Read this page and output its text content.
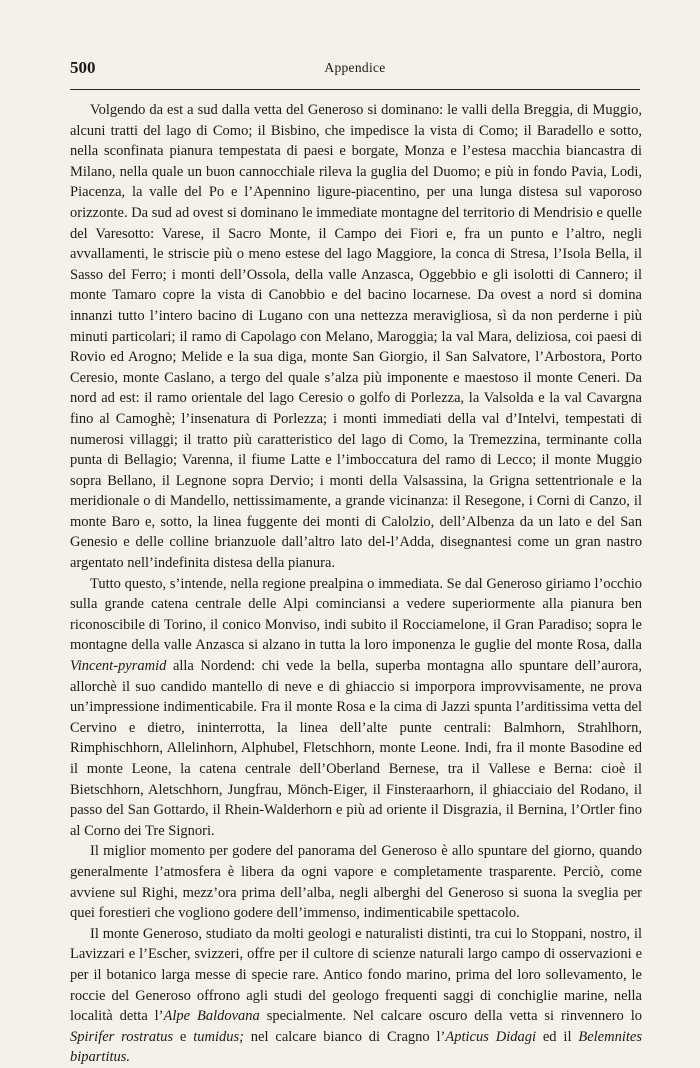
500	Appendice

Volgendo da est a sud dalla vetta del Generoso si dominano: le valli della Breggia, di Muggio, alcuni tratti del lago di Como; il Bisbino, che impedisce la vista di Como; il Baradello e sotto, nella sconfinata pianura tempestata di paesi e borgate, Monza e l’estesa macchia biancastra di Milano, nella quale un buon cannocchiale rileva la guglia del Duomo; e più in fondo Pavia, Lodi, Piacenza, la valle del Po e l’Apennino ligure-piacentino, per una lunga distesa sul vaporoso orizzonte. Da sud ad ovest si dominano le immediate montagne del territorio di Mendrisio e quelle del Varesotto: Varese, il Sacro Monte, il Campo dei Fiori e, fra un punto e l’altro, negli avvallamenti, le striscie più o meno estese del lago Maggiore, la conca di Stresa, l’Isola Bella, il Sasso del Ferro; i monti dell’Ossola, della valle Anzasca, Oggebbio e gli isolotti di Cannero; il monte Tamaro copre la vista di Canobbio e del bacino locarnese. Da ovest a nord si domina innanzi tutto l’intero bacino di Lugano con una nettezza meravigliosa, sì da non perderne i più minuti particolari; il ramo di Capolago con Melano, Maroggia; la val Mara, deliziosa, coi paesi di Rovio ed Arogno; Melide e la sua diga, monte San Giorgio, il San Salvatore, l’Arbostora, Porto Ceresio, monte Caslano, a tergo del quale s’alza più imponente e maestoso il monte Ceneri. Da nord ad est: il ramo orientale del lago Ceresio o golfo di Porlezza, la Valsolda e la val Cavargna fino al Camoghè; l’insenatura di Porlezza; i monti immediati della val d’Intelvi, tempestati di numerosi villaggi; il tratto più caratteristico del lago di Como, la Tremezzina, terminante colla punta di Bellagio; Varenna, il fiume Latte e l’imboccatura del ramo di Lecco; il monte Muggio sopra Bellano, il Legnone sopra Dervio; i monti della Valsassina, la Grigna settentrionale e la meridionale o di Mandello, nettissimamente, a grande vicinanza: il Resegone, i Corni di Canzo, il monte Baro e, sotto, la linea fuggente dei monti di Calolzio, dell’Albenza da un lato e del San Genesio e delle colline brianzuole dall’altro lato del-l’Adda, disegnantesi come un gran nastro argentato nell’indefinita distesa della pianura.

Tutto questo, s’intende, nella regione prealpina o immediata. Se dal Generoso giriamo l’occhio sulla grande catena centrale delle Alpi cominciansi a vedere superiormente alla pianura ben riconoscibile di Torino, il conico Monviso, indi subito il Rocciamelone, il Gran Paradiso; sopra le montagne della valle Anzasca si alzano in tutta la loro imponenza le guglie del monte Rosa, dalla Vincent-pyramid alla Nordend: chi vede la bella, superba montagna allo spuntare dell’aurora, allorchè il suo candido mantello di neve e di ghiaccio si imporpora improvvisamente, ne prova un’impressione indimenticabile. Fra il monte Rosa e la cima di Jazzi spunta l’arditissima vetta del Cervino e dietro, ininterrotta, la linea dell’alte punte centrali: Balmhorn, Strahlhorn, Rimphischhorn, Allelinhorn, Alphubel, Fletschhorn, monte Leone. Indi, fra il monte Basodine ed il monte Leone, la catena centrale dell’Oberland Bernese, tra il Vallese e Berna: cioè il Bietschhorn, Aletschhorn, Jungfrau, Mönch-Eiger, il Finsteraarhorn, il ghiacciaio del Rodano, il passo del San Gottardo, il Rhein-Walderhorn e più ad oriente il Disgrazia, il Bernina, l’Ortler fino al Corno dei Tre Signori.

Il miglior momento per godere del panorama del Generoso è allo spuntare del giorno, quando generalmente l’atmosfera è libera da ogni vapore e completamente trasparente. Perciò, come avviene sul Righi, mezz’ora prima dell’alba, negli alberghi del Generoso si suona la sveglia per quei forestieri che vogliono godere dell’immenso, indimenticabile spettacolo.

Il monte Generoso, studiato da molti geologi e naturalisti distinti, tra cui lo Stoppani, nostro, il Lavizzari e l’Escher, svizzeri, offre per il cultore di scienze naturali largo campo di osservazioni e per il botanico larga messe di specie rare. Antico fondo marino, prima del loro sollevamento, le roccie del Generoso offrono agli studi del geologo frequenti saggi di conchiglie marine, nella località detta l’Alpe Baldovana specialmente. Nel calcare oscuro della vetta si rinvennero lo Spirifer rostratus e tumidus; nel calcare bianco di Cragno l’Apticus Didagi ed il Belemnites bipartitus.
